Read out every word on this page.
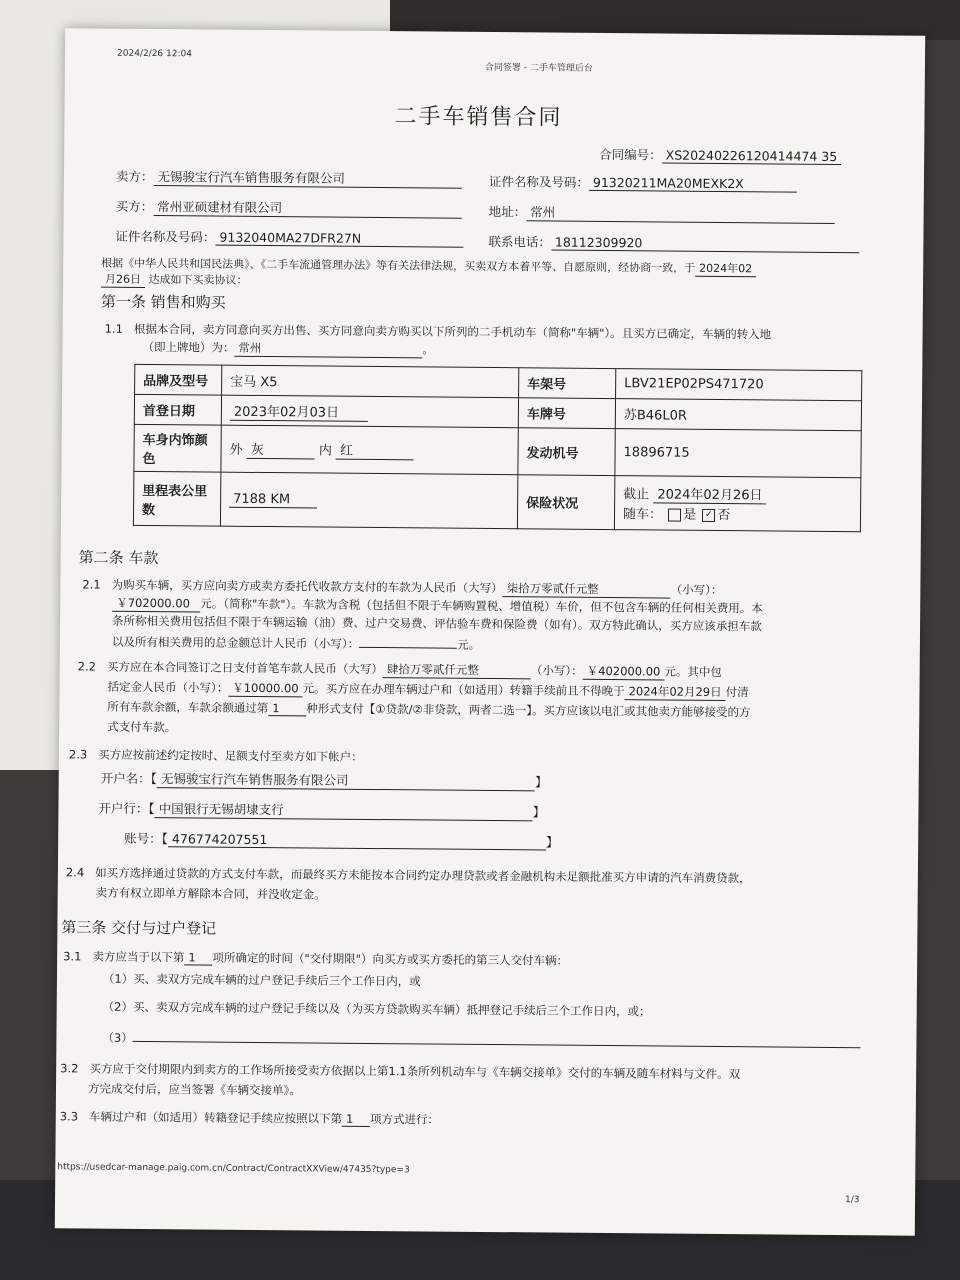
2024/2/26 12:04
合同签署 - 二手车管理后台
二手车销售合同
合同编号： XS20240226120414474 35
卖方： 无锡骏宝行汽车销售服务有限公司	证件名称及号码： 91320211MA20MEXK2X
买方： 常州亚硕建材有限公司	地址： 常州
证件名称及号码： 9132040MA27DFR27N	联系电话： 18112309920
根据《中华人民共和国民法典》、《二手车流通管理办法》等有关法律法规，买卖双方本着平等、自愿原则，经协商一致，于 2024年02
月26日 达成如下买卖协议：
第一条 销售和购买
1.1 根据本合同，卖方同意向买方出售、买方同意向卖方购买以下所列的二手机动车（简称"车辆"）。且买方已确定，车辆的转入地
（即上牌地）为： 常州	。
品牌及型号	宝马 X5	车架号	LBV21EP02PS471720
首登日期	2023年02月03日	车牌号	苏B46L0R
车身内饰颜色	外 灰 内 红	发动机号	18896715
里程表公里数	7188 KM	保险状况	截止 2024年02月26日
随车： 是 ✓ 否
第二条 车款
2.1 为购买车辆，买方应向卖方或卖方委托代收款方支付的车款为人民币（大写） 柒拾万零贰仟元整	（小写）：
￥702000.00 元。（简称"车款"）。车款为含税（包括但不限于车辆购置税、增值税）车价，但不包含车辆的任何相关费用。本
条所称相关费用包括但不限于车辆运输（油）费、过户交易费、评估验车费和保险费（如有）。双方特此确认，买方应该承担车款
以及所有相关费用的总金额总计人民币（小写）：	元。
2.2 买方应在本合同签订之日支付首笔车款人民币（大写） 肆拾万零贰仟元整	（小写）： ￥402000.00 元。其中包
括定金人民币（小写）： ￥10000.00 元。买方应在办理车辆过户和（如适用）转籍手续前且不得晚于 2024年02月29日 付清
所有车款余额，车款余额通过第 1 种形式支付【①贷款/②非贷款，两者二选一】。买方应该以电汇或其他卖方能够接受的方
式支付车款。
2.3 买方应按前述约定按时、足额支付至卖方如下帐户：
开户名：【 无锡骏宝行汽车销售服务有限公司	】
开户行：【 中国银行无锡胡埭支行	】
账号：【 476774207551	】
2.4 如买方选择通过贷款的方式支付车款，而最终买方未能按本合同约定办理贷款或者金融机构未足额批准买方申请的汽车消费贷款，
卖方有权立即单方解除本合同，并没收定金。
第三条 交付与过户登记
3.1 卖方应当于以下第 1 项所确定的时间（"交付期限"）向买方或买方委托的第三人交付车辆：
（1）买、卖双方完成车辆的过户登记手续后三个工作日内，或
（2）买、卖双方完成车辆的过户登记手续以及（为买方贷款购买车辆）抵押登记手续后三个工作日内，或；
（3）
3.2 买方应于交付期限内到卖方的工作场所接受卖方依据以上第1.1条所列机动车与《车辆交接单》交付的车辆及随车材料与文件。双
方完成交付后，应当签署《车辆交接单》。
3.3 车辆过户和（如适用）转籍登记手续应按照以下第 1 项方式进行：
https://usedcar-manage.paig.com.cn/Contract/ContractXXView/47435?type=3
1/3
